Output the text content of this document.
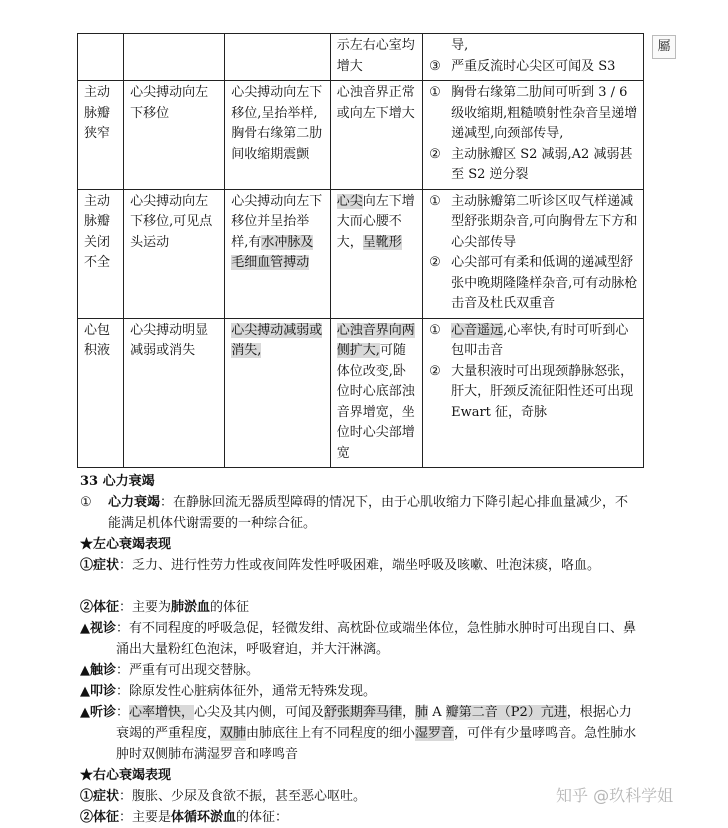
屬
			示左右心室均增大	导,
③ 严重反流时心尖区可闻及 S3

主动脉瓣狭窄	心尖搏动向左下移位	心尖搏动向左下移位,呈抬举样,胸骨右缘第二肋间收缩期震颤	心浊音界正常或向左下增大	① 胸骨右缘第二肋间可听到 3 / 6 级收缩期,粗糙喷射性杂音呈递增递减型,向颈部传导,
② 主动脉瓣区 S2 减弱,A2 减弱甚至 S2 逆分裂

主动脉瓣关闭不全	心尖搏动向左下移位,可见点头运动	心尖搏动向左下移位并呈抬举样,有水冲脉及毛细血管搏动	心尖向左下增大而心腰不大，呈靴形	① 主动脉瓣第二听诊区叹气样递减型舒张期杂音,可向胸骨左下方和心尖部传导
② 心尖部可有柔和低调的递减型舒张中晚期隆隆样杂音,可有动脉枪击音及杜氏双重音

心包积液	心尖搏动明显减弱或消失	心尖搏动减弱或消失,	心浊音界向两侧扩大,可随体位改变,卧位时心底部浊音界增宽，坐位时心尖部增宽	① 心音遥远,心率快,有时可听到心包叩击音
② 大量积液时可出现颈静脉怒张，肝大，肝颈反流征阳性还可出现 Ewart 征，奇脉
33 心力衰竭
①	心力衰竭：在静脉回流无器质型障碍的情况下，由于心肌收缩力下降引起心排血量减少，不能满足机体代谢需要的一种综合征。
★左心衰竭表现
①症状：乏力、进行性劳力性或夜间阵发性呼吸困难，端坐呼吸及咳嗽、吐泡沫痰，咯血。
②体征：主要为肺淤血的体征
▲视诊 ：有不同程度的呼吸急促，轻微发绀、高枕卧位或端坐体位，急性肺水肿时可出现自口、鼻涌出大量粉红色泡沫，呼吸窘迫，并大汗淋漓。
▲触诊：严重有可出现交替脉。
▲叩诊：除原发性心脏病体征外，通常无特殊发现。
▲听诊 ：心率增快，心尖及其内侧，可闻及舒张期奔马律，肺 A 瓣第二音（P2）亢进，根据心力衰竭的严重程度，双肺由肺底往上有不同程度的细小湿罗音，可伴有少量哮鸣音。急性肺水肿时双侧肺布满湿罗音和哮鸣音
★右心衰竭表现
①症状：腹胀、少尿及食欲不振，甚至恶心呕吐。
②体征：主要是体循环淤血的体征：
知乎 @玖科学姐
